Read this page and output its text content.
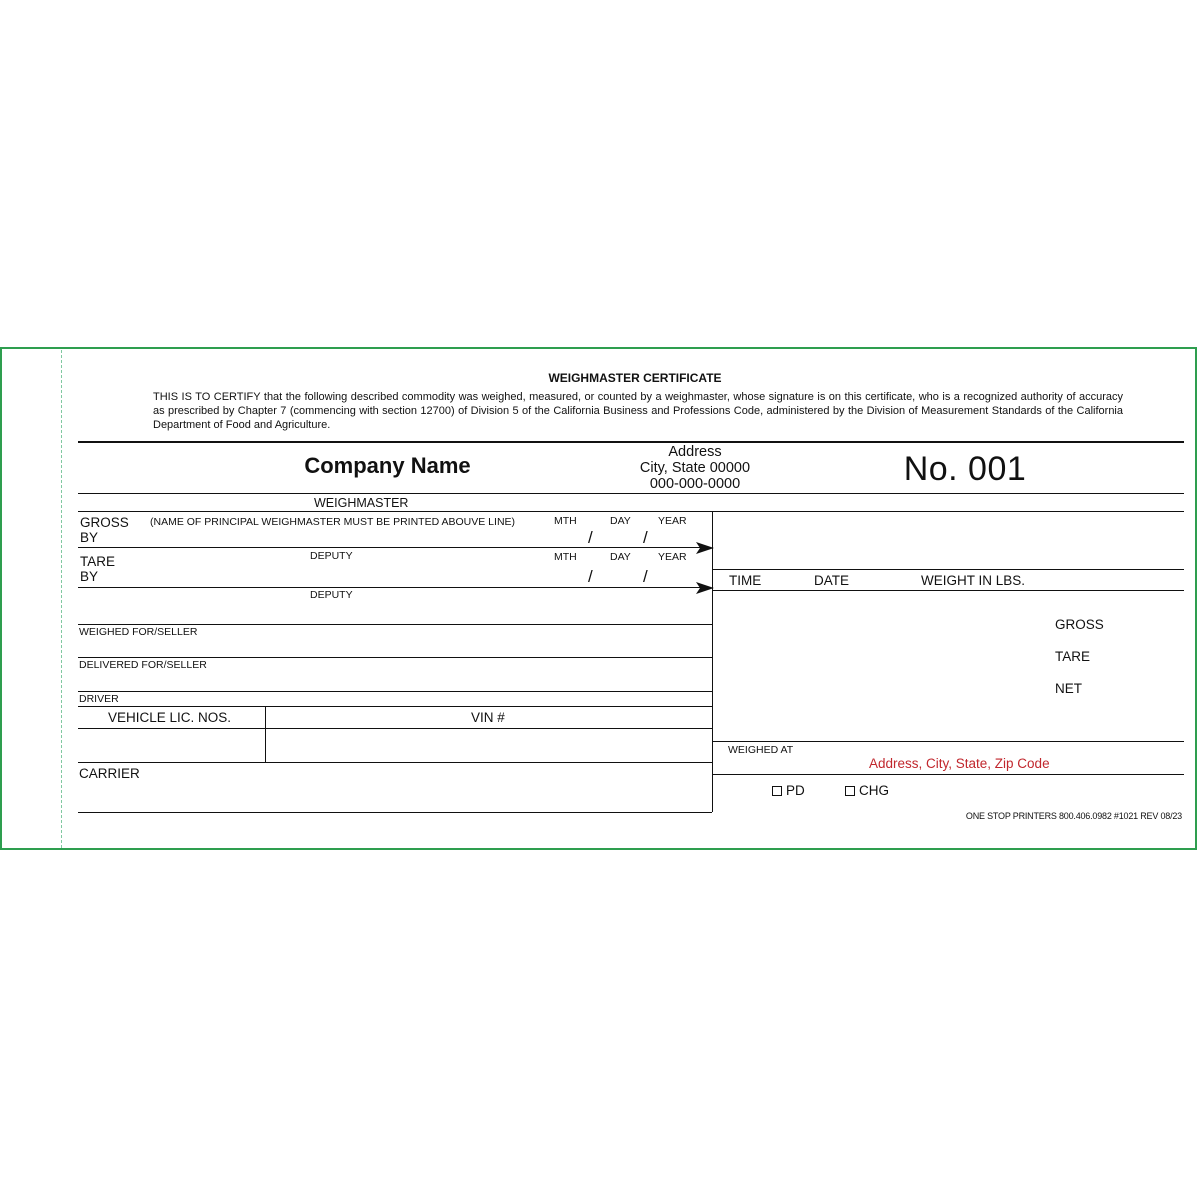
WEIGHMASTER CERTIFICATE
THIS IS TO CERTIFY that the following described commodity was weighed, measured, or counted by a weighmaster, whose signature is on this certificate, who is a recognized authority of accuracy as prescribed by Chapter 7 (commencing with section 12700) of Division 5 of the California Business and Professions Code, administered by the Division of Measurement Standards of the California Department of Food and Agriculture.
Company Name
Address
City, State 00000
000-000-0000	No. 001
WEIGHMASTER
GROSS
BY
(NAME OF PRINCIPAL WEIGHMASTER MUST BE PRINTED ABOUVE LINE)	MTH	DAY	YEAR
/	/
DEPUTY
TARE
BY
MTH	DAY	YEAR
/	/
DEPUTY
WEIGHED FOR/SELLER
DELIVERED FOR/SELLER
DRIVER
VEHICLE LIC. NOS.	VIN #
CARRIER
TIME	DATE	WEIGHT IN LBS.
GROSS
TARE
NET
WEIGHED AT
Address, City, State, Zip Code
PD	CHG
ONE STOP PRINTERS 800.406.0982 #1021 REV 08/23
